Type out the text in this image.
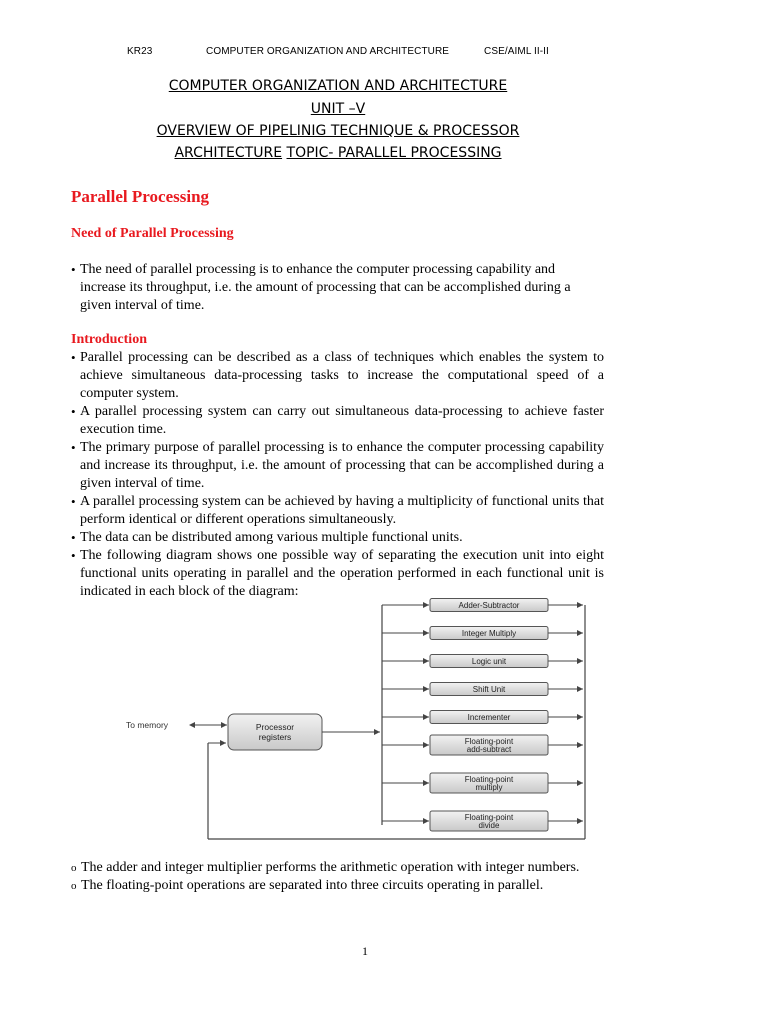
KR23	COMPUTER ORGANIZATION AND ARCHITECTURE	CSE/AIML II-II
COMPUTER ORGANIZATION AND ARCHITECTURE
UNIT –V
OVERVIEW OF PIPELINIG TECHNIQUE & PROCESSOR
ARCHITECTURE TOPIC- PARALLEL PROCESSING
Parallel Processing
Need of Parallel Processing
• The need of parallel processing is to enhance the computer processing capability and increase its throughput, i.e. the amount of processing that can be accomplished during a given interval of time.
Introduction
• Parallel processing can be described as a class of techniques which enables the system to achieve simultaneous data-processing tasks to increase the computational speed of a computer system.
• A parallel processing system can carry out simultaneous data-processing to achieve faster execution time.
• The primary purpose of parallel processing is to enhance the computer processing capability and increase its throughput, i.e. the amount of processing that can be accomplished during a given interval of time.
• A parallel processing system can be achieved by having a multiplicity of functional units that perform identical or different operations simultaneously.
• The data can be distributed among various multiple functional units.
• The following diagram shows one possible way of separating the execution unit into eight functional units operating in parallel and the operation performed in each functional unit is indicated in each block of the diagram:
To memory	Processor
registers
Adder-Subtractor
Integer Multiply
Logic unit
Shift Unit
Incrementer
Floating-point
add-subtract
Floating-point
multiply
Floating-point
divide
o The adder and integer multiplier performs the arithmetic operation with integer numbers.
o The floating-point operations are separated into three circuits operating in parallel.
1
